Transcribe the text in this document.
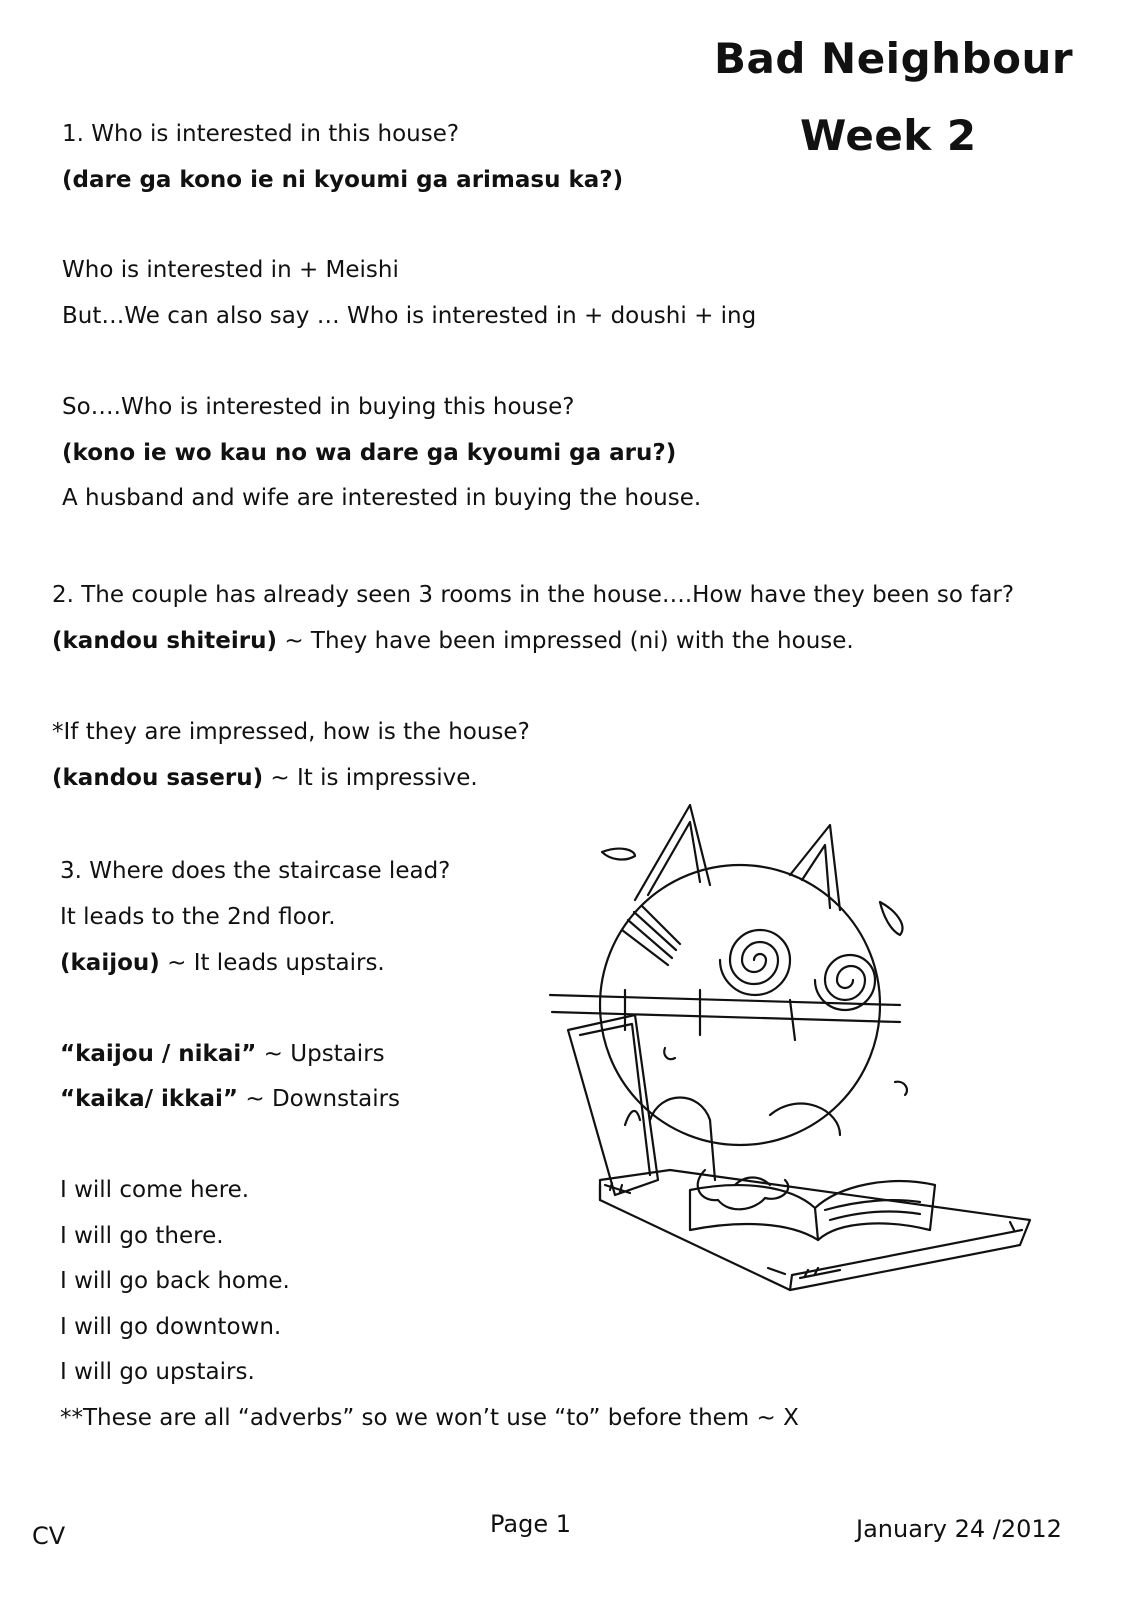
Bad Neighbour
Week 2
1. Who is interested in this house?
(dare ga kono ie ni kyoumi ga arimasu ka?)
Who is interested in + Meishi
But…We can also say … Who is interested in + doushi + ing
So….Who is interested in buying this house?
(kono ie wo kau no wa dare ga kyoumi ga aru?)
A husband and wife are interested in buying the house.
2. The couple has already seen 3 rooms in the house….How have they been so far?
(kandou shiteiru) ~ They have been impressed (ni) with the house.
*If they are impressed, how is the house?
(kandou saseru) ~ It is impressive.
3. Where does the staircase lead?
It leads to the 2nd floor.
(kaijou) ~ It leads upstairs.
“kaijou / nikai” ~ Upstairs
“kaika/ ikkai” ~ Downstairs
I will come here.
I will go there.
I will go back home.
I will go downtown.
I will go upstairs.
**These are all “adverbs” so we won’t use “to” before them ~ X
CV	Page 1	January 24 /2012
